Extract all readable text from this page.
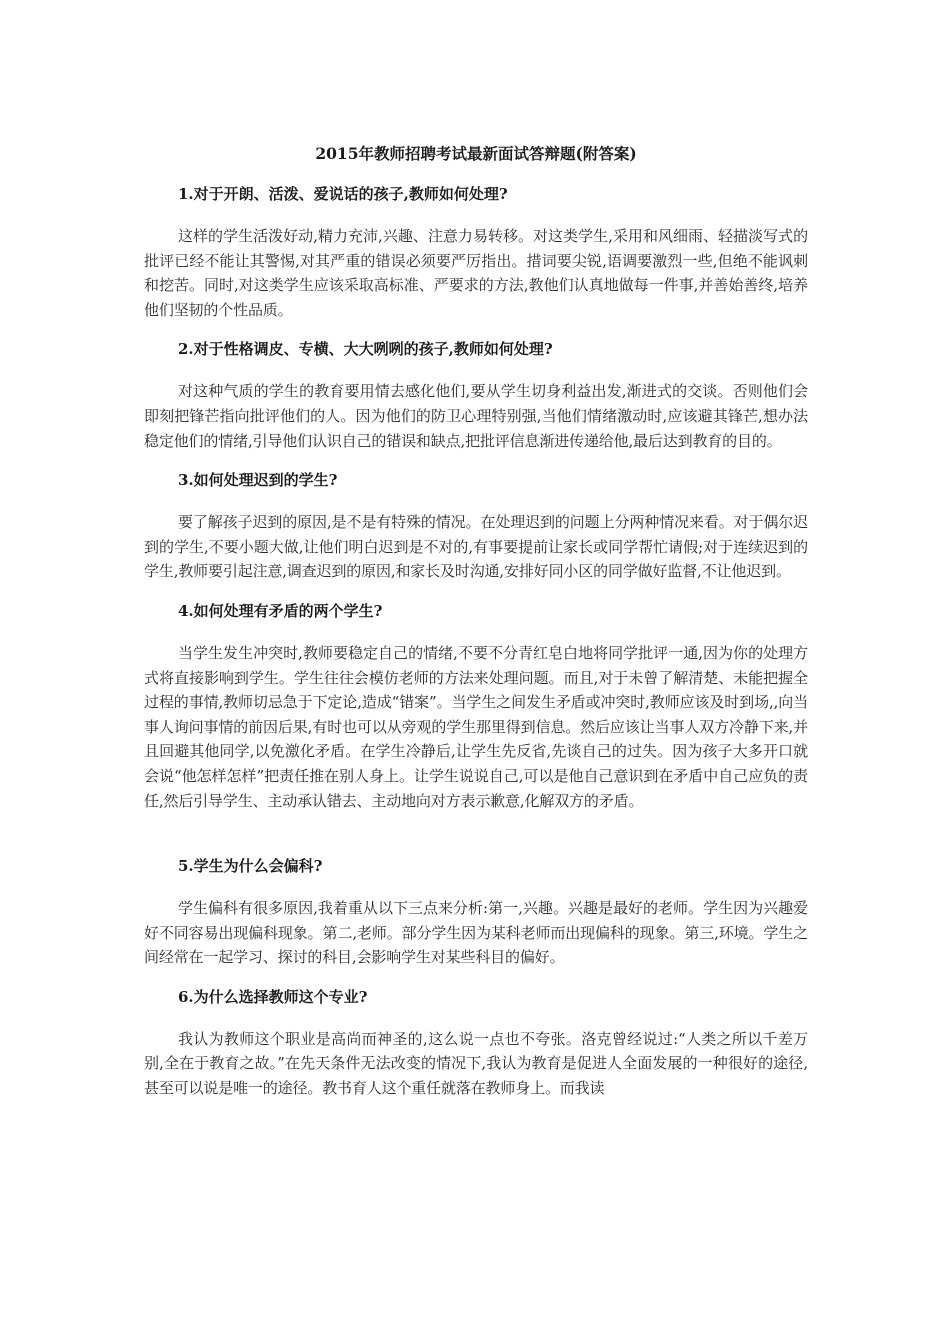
2015年教师招聘考试最新面试答辩题(附答案)

1.对于开朗、活泼、爱说话的孩子,教师如何处理?

这样的学生活泼好动,精力充沛,兴趣、注意力易转移。对这类学生,采用和风细雨、轻描淡写式的批评已经不能让其警惕,对其严重的错误必须要严厉指出。措词要尖锐,语调要激烈一些,但绝不能讽刺和挖苦。同时,对这类学生应该采取高标准、严要求的方法,教他们认真地做每一件事,并善始善终,培养他们坚韧的个性品质。

2.对于性格调皮、专横、大大咧咧的孩子,教师如何处理?

对这种气质的学生的教育要用情去感化他们,要从学生切身利益出发,渐进式的交谈。否则他们会即刻把锋芒指向批评他们的人。因为他们的防卫心理特别强,当他们情绪激动时,应该避其锋芒,想办法稳定他们的情绪,引导他们认识自己的错误和缺点,把批评信息渐进传递给他,最后达到教育的目的。

3.如何处理迟到的学生?

要了解孩子迟到的原因,是不是有特殊的情况。在处理迟到的问题上分两种情况来看。对于偶尔迟到的学生,不要小题大做,让他们明白迟到是不对的,有事要提前让家长或同学帮忙请假;对于连续迟到的学生,教师要引起注意,调查迟到的原因,和家长及时沟通,安排好同小区的同学做好监督,不让他迟到。

4.如何处理有矛盾的两个学生?

当学生发生冲突时,教师要稳定自己的情绪,不要不分青红皂白地将同学批评一通,因为你的处理方式将直接影响到学生。学生往往会模仿老师的方法来处理问题。而且,对于未曾了解清楚、未能把握全过程的事情,教师切忌急于下定论,造成“错案”。当学生之间发生矛盾或冲突时,教师应该及时到场,,向当事人询问事情的前因后果,有时也可以从旁观的学生那里得到信息。然后应该让当事人双方冷静下来,并且回避其他同学,以免激化矛盾。在学生冷静后,让学生先反省,先谈自己的过失。因为孩子大多开口就会说“他怎样怎样”把责任推在别人身上。让学生说说自己,可以是他自己意识到在矛盾中自己应负的责任,然后引导学生、主动承认错去、主动地向对方表示歉意,化解双方的矛盾。

5.学生为什么会偏科?

学生偏科有很多原因,我着重从以下三点来分析:第一,兴趣。兴趣是最好的老师。学生因为兴趣爱好不同容易出现偏科现象。第二,老师。部分学生因为某科老师而出现偏科的现象。第三,环境。学生之间经常在一起学习、探讨的科目,会影响学生对某些科目的偏好。

6.为什么选择教师这个专业?

我认为教师这个职业是高尚而神圣的,这么说一点也不夸张。洛克曾经说过:“人类之所以千差万别,全在于教育之故。”在先天条件无法改变的情况下,我认为教育是促进人全面发展的一种很好的途径,甚至可以说是唯一的途径。教书育人这个重任就落在教师身上。而我读
